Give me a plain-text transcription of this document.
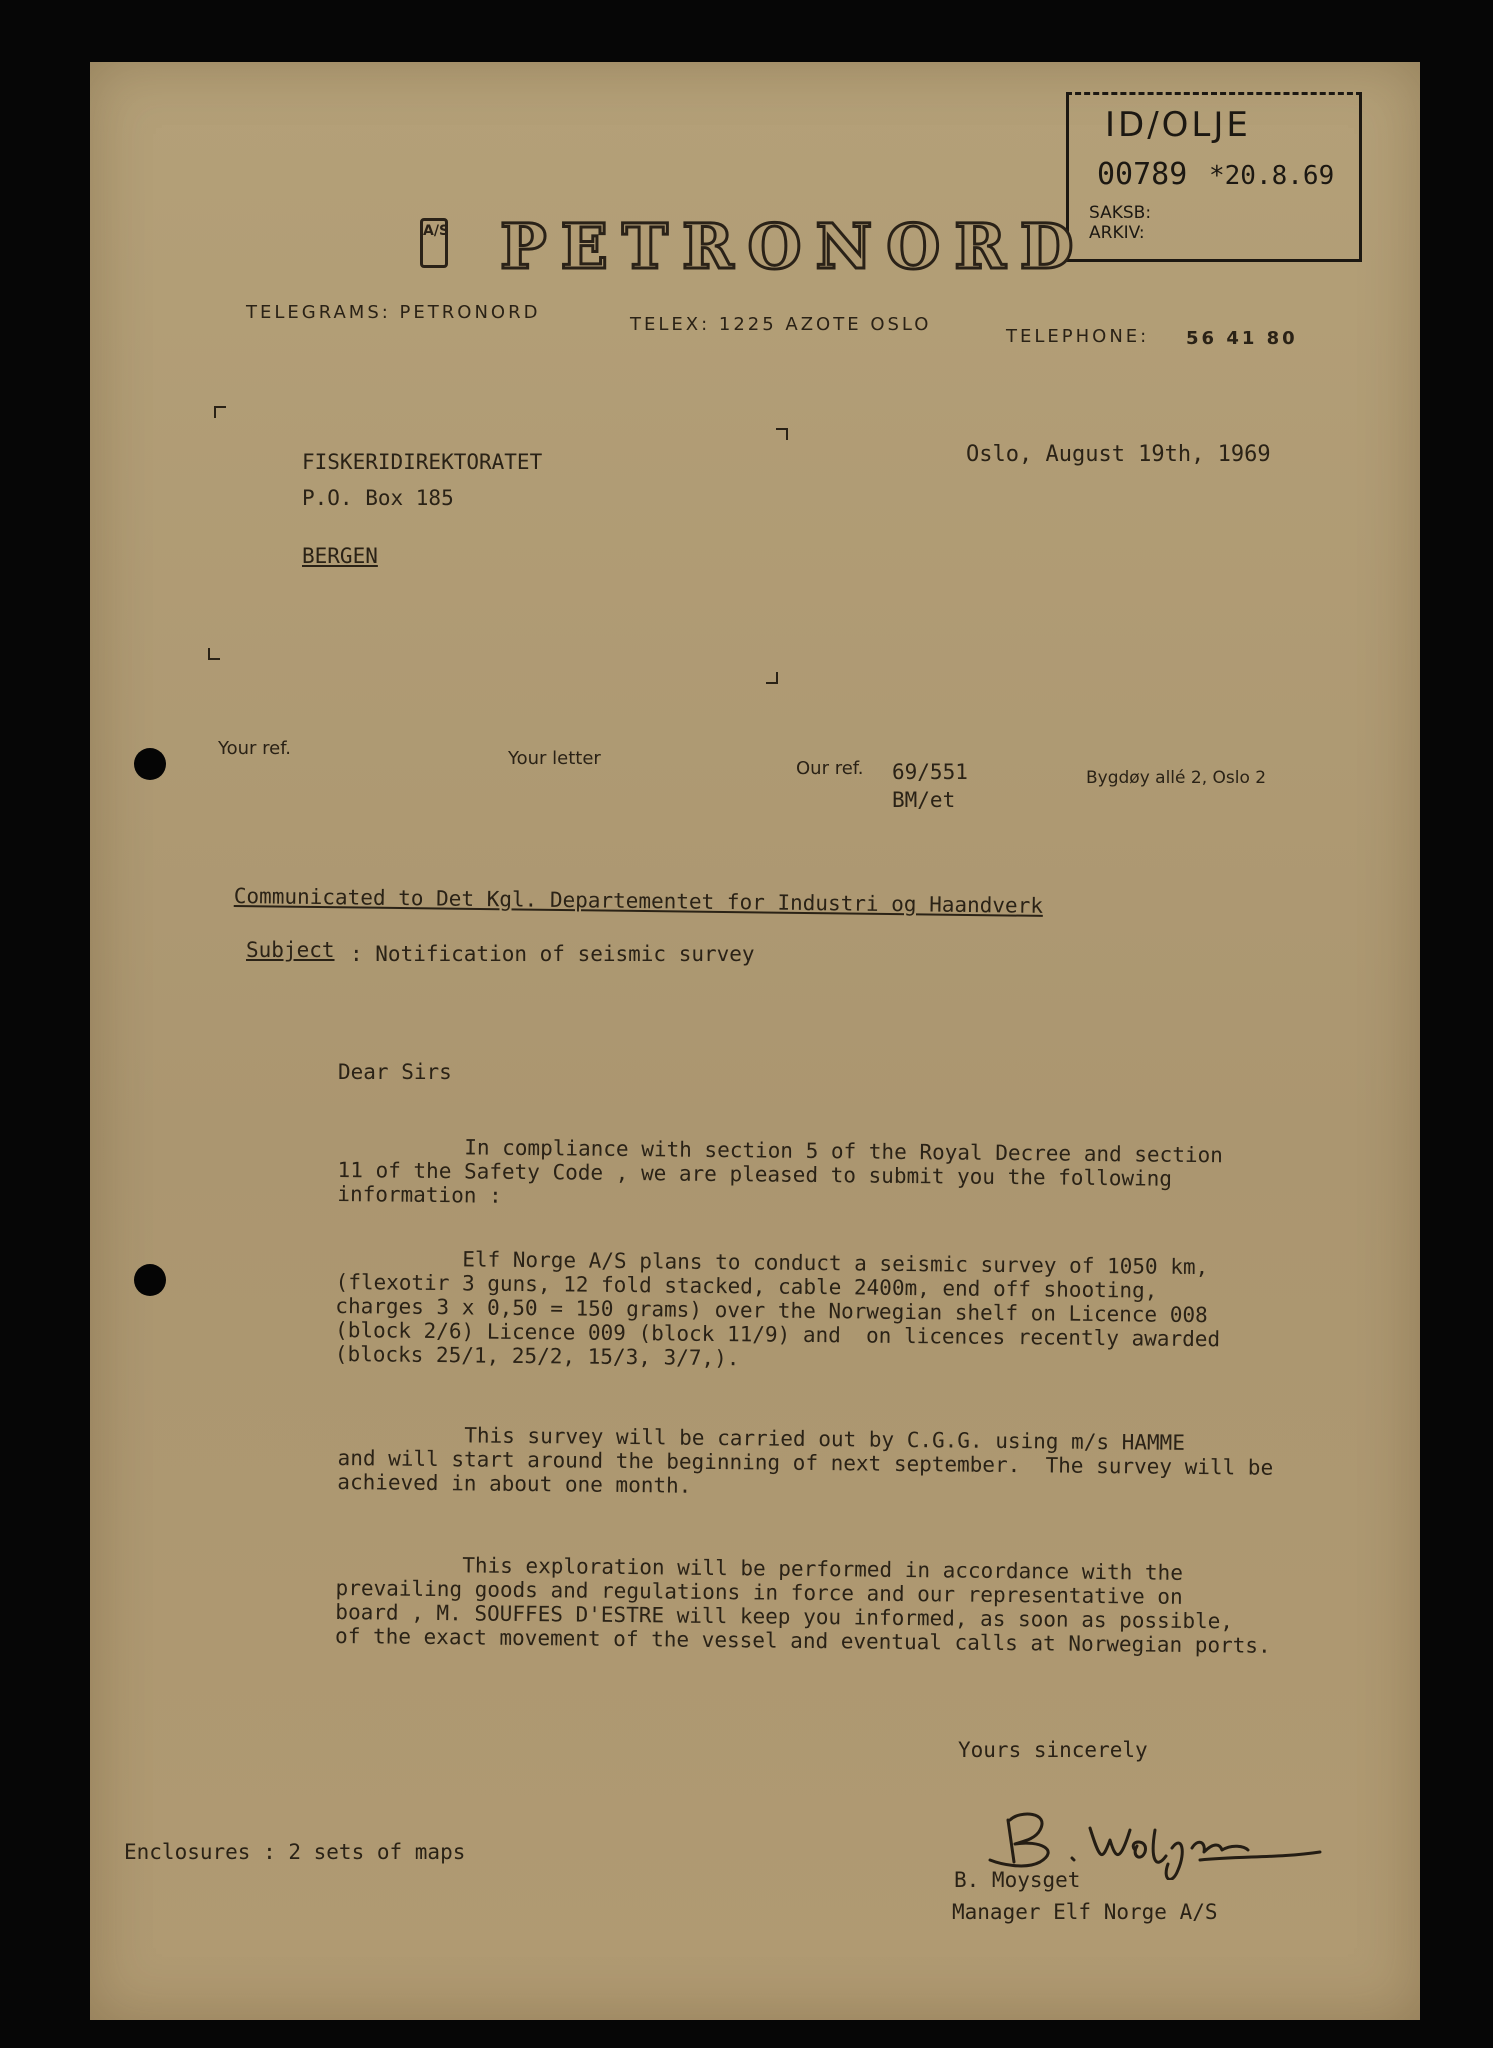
ID/OLJE
00789 *20.8.69
SAKSB:
ARKIV:
A/S PETRONORD
TELEGRAMS: PETRONORD
TELEX: 1225 AZOTE OSLO
TELEPHONE: 56 41 80
FISKERIDIREKTORATET
P.O. Box 185
BERGEN
Oslo, August 19th, 1969
Your ref.	Your letter	Our ref. 69/551
BM/et
Bygdøy allé 2, Oslo 2
Communicated to Det Kgl. Departementet for Industri og Haandverk
Subject : Notification of seismic survey
Dear Sirs
In compliance with section 5 of the Royal Decree and section
11 of the Safety Code , we are pleased to submit you the following
information :
Elf Norge A/S plans to conduct a seismic survey of 1050 km,
(flexotir 3 guns, 12 fold stacked, cable 2400m, end off shooting,
charges 3 x 0,50 = 150 grams) over the Norwegian shelf on Licence 008
(block 2/6) Licence 009 (block 11/9) and  on licences recently awarded
(blocks 25/1, 25/2, 15/3, 3/7,).
This survey will be carried out by C.G.G. using m/s HAMME
and will start around the beginning of next september.  The survey will be
achieved in about one month.
This exploration will be performed in accordance with the
prevailing goods and regulations in force and our representative on
board , M. SOUFFES D'ESTRE will keep you informed, as soon as possible,
of the exact movement of the vessel and eventual calls at Norwegian ports.
Yours sincerely
B. Moysget
Manager Elf Norge A/S
Enclosures : 2 sets of maps
